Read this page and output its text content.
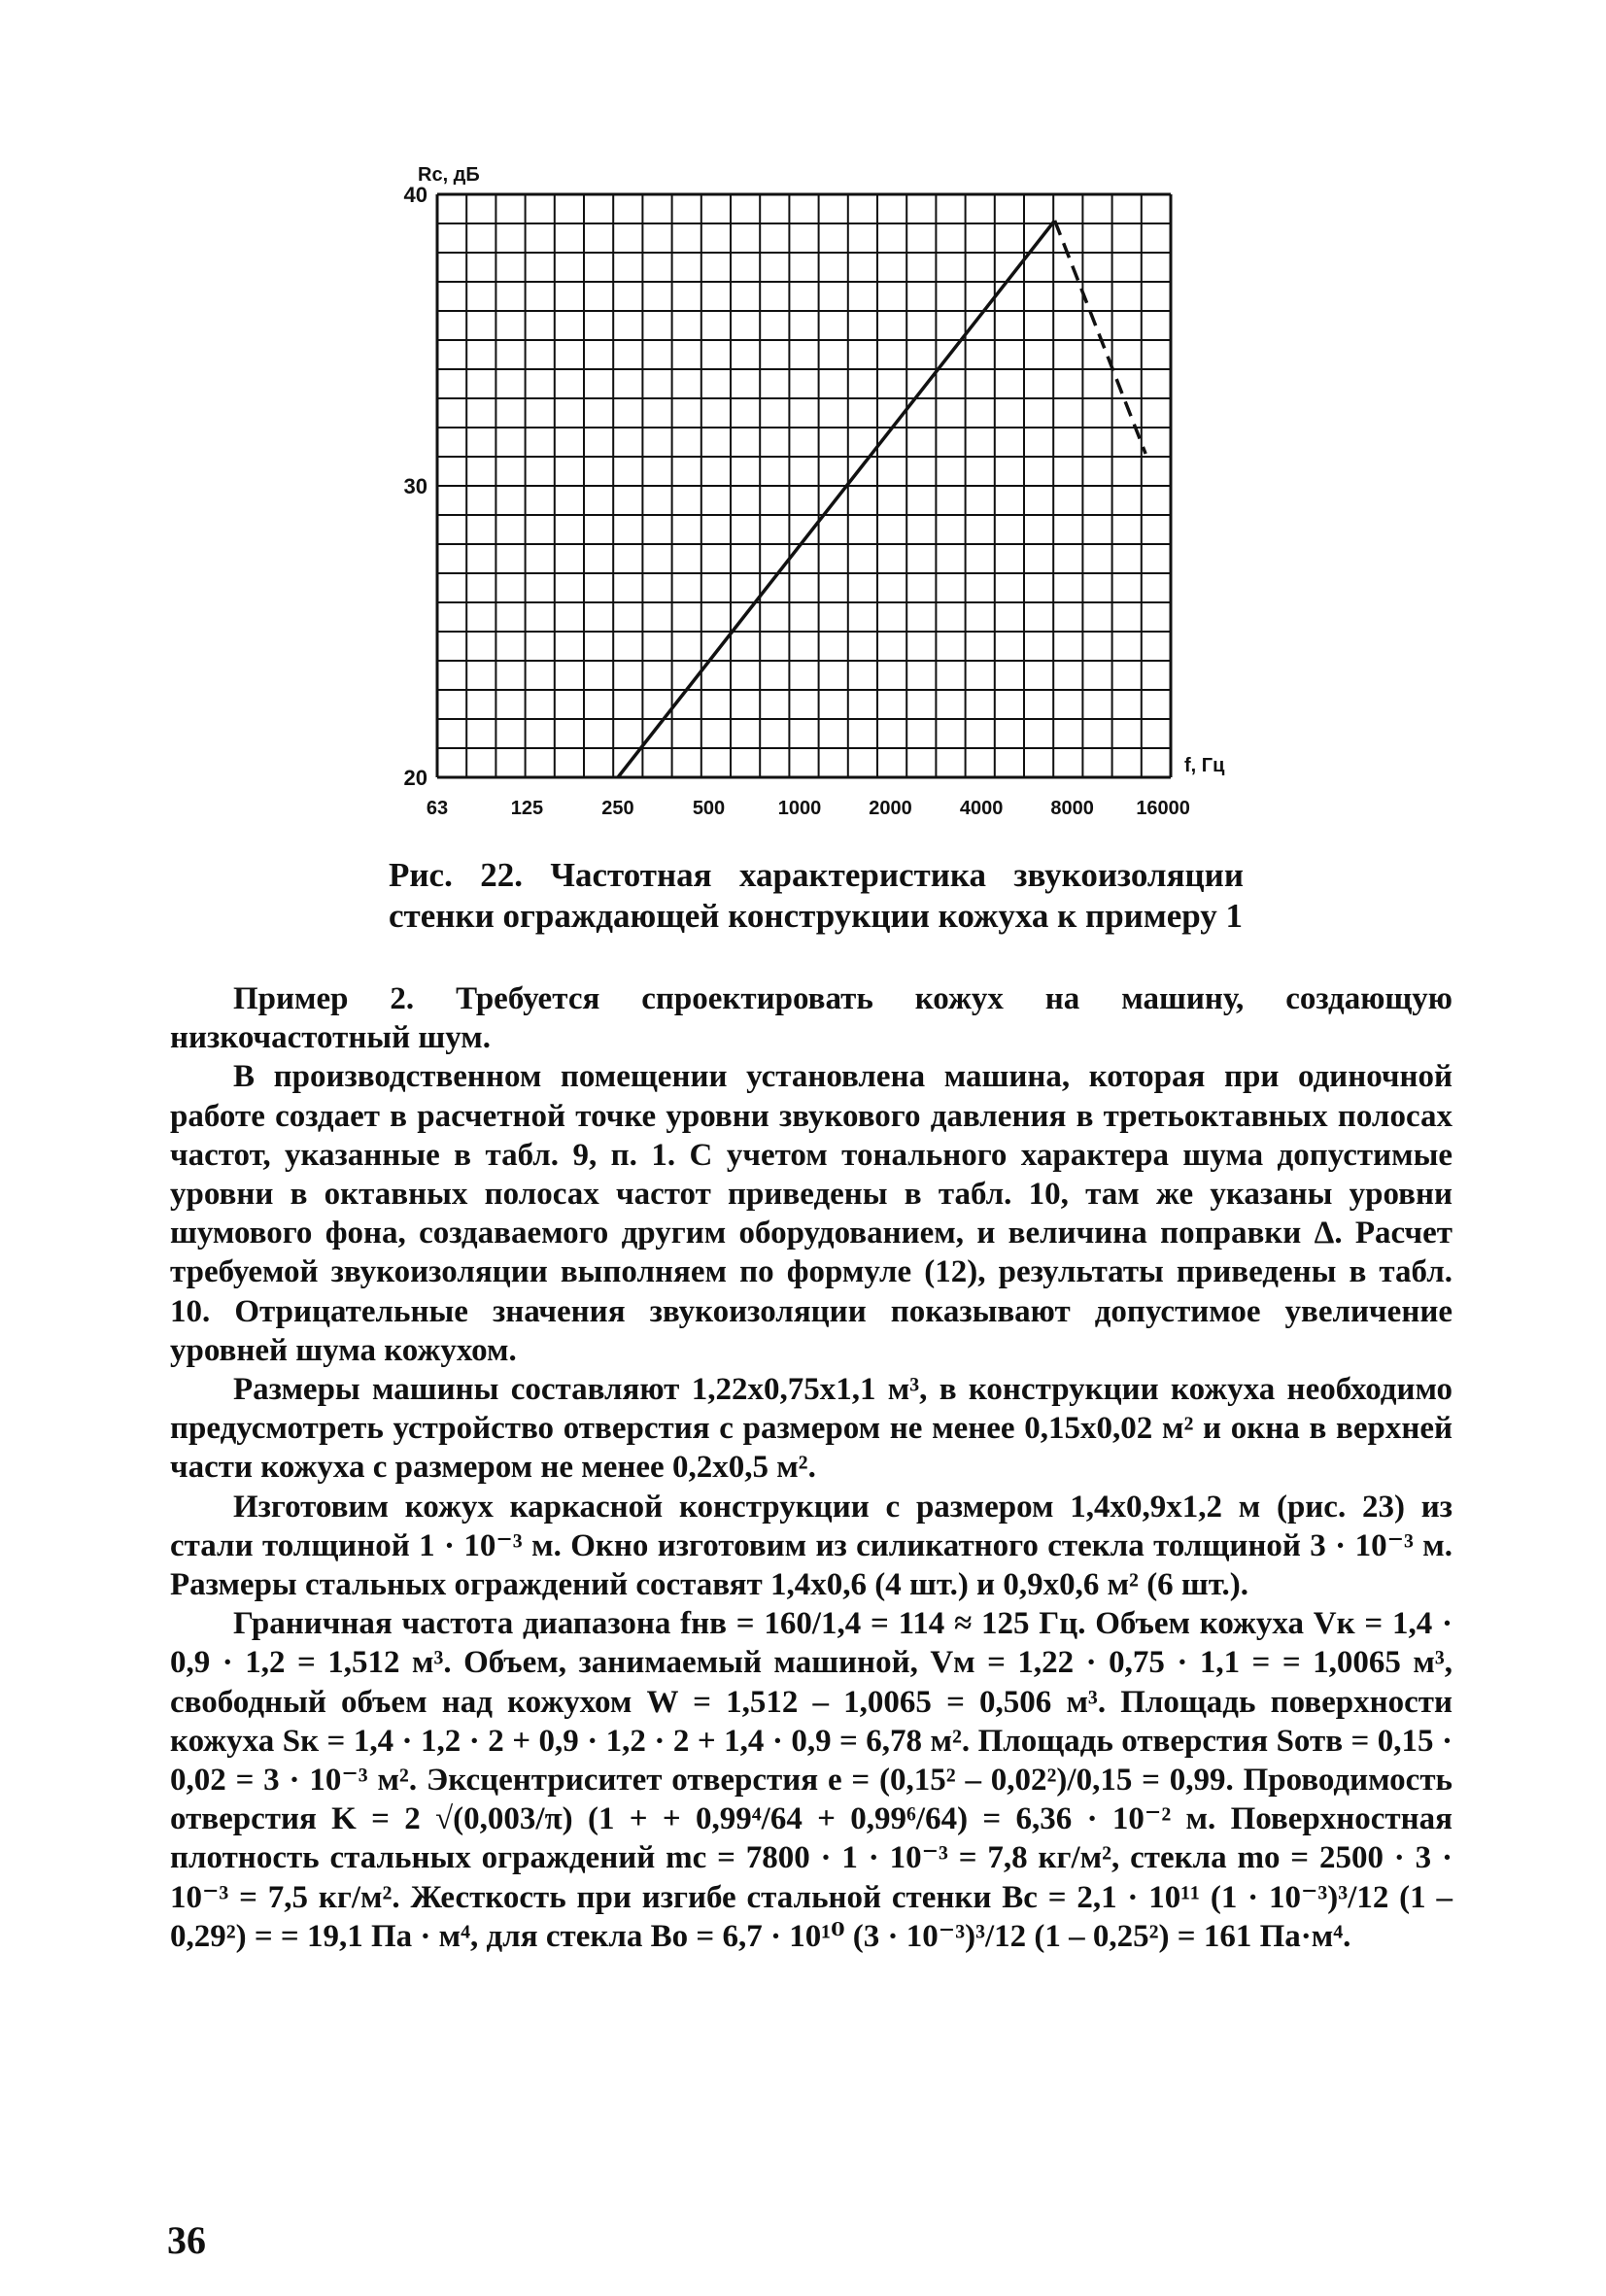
40
30
20
63	125	250	500	1000 2000 4000 8000 16000
Rc, дБ
f, Гц
Рис. 22. Частотная характеристика звукоизоляции стенки ограждающей конструкции кожуха к примеру 1

Пример 2. Требуется спроектировать кожух на машину, создающую низкочастотный шум.

В производственном помещении установлена машина, которая при одиночной работе создает в расчетной точке уровни звукового давления в третьоктавных полосах частот, указанные в табл. 9, п. 1. С учетом тонального характера шума допустимые уровни в октавных полосах частот приведены в табл. 10, там же указаны уровни шумового фона, создаваемого другим оборудованием, и величина поправки Δ. Расчет требуемой звукоизоляции выполняем по формуле (12), результаты приведены в табл. 10. Отрицательные значения звукоизоляции показывают допустимое увеличение уровней шума кожухом.

Размеры машины составляют 1,22x0,75x1,1 м³, в конструкции кожуха необходимо предусмотреть устройство отверстия с размером не менее 0,15x0,02 м² и окна в верхней части кожуха с размером не менее 0,2x0,5 м².

Изготовим кожух каркасной конструкции с размером 1,4x0,9x1,2 м (рис. 23) из стали толщиной 1 · 10⁻³ м. Окно изготовим из силикатного стекла толщиной 3 · 10⁻³ м. Размеры стальных ограждений составят 1,4x0,6 (4 шт.) и 0,9x0,6 м² (6 шт.).

Граничная частота диапазона fнв = 160/1,4 = 114 ≈ 125 Гц. Объем кожуха Vк = 1,4 · 0,9 · 1,2 = 1,512 м³. Объем, занимаемый машиной, Vм = 1,22 · 0,75 · 1,1 = = 1,0065 м³, свободный объем над кожухом W = 1,512 – 1,0065 = 0,506 м³. Площадь поверхности кожуха Sк = 1,4 · 1,2 · 2 + 0,9 · 1,2 · 2 + 1,4 · 0,9 = 6,78 м². Площадь отверстия Sотв = 0,15 · 0,02 = 3 · 10⁻³ м². Эксцентриситет отверстия e = (0,15² – 0,02²)/0,15 = 0,99. Проводимость отверстия K = 2 √(0,003/π) (1 + + 0,99⁴/64 + 0,99⁶/64) = 6,36 · 10⁻² м. Поверхностная плотность стальных ограждений mc = 7800 · 1 · 10⁻³ = 7,8 кг/м², стекла mo = 2500 · 3 · 10⁻³ = 7,5 кг/м². Жесткость при изгибе стальной стенки Bc = 2,1 · 10¹¹ (1 · 10⁻³)³/12 (1 – 0,29²) = = 19,1 Па · м⁴, для стекла Bo = 6,7 · 10¹⁰ (3 · 10⁻³)³/12 (1 – 0,25²) = 161 Па·м⁴.

36
